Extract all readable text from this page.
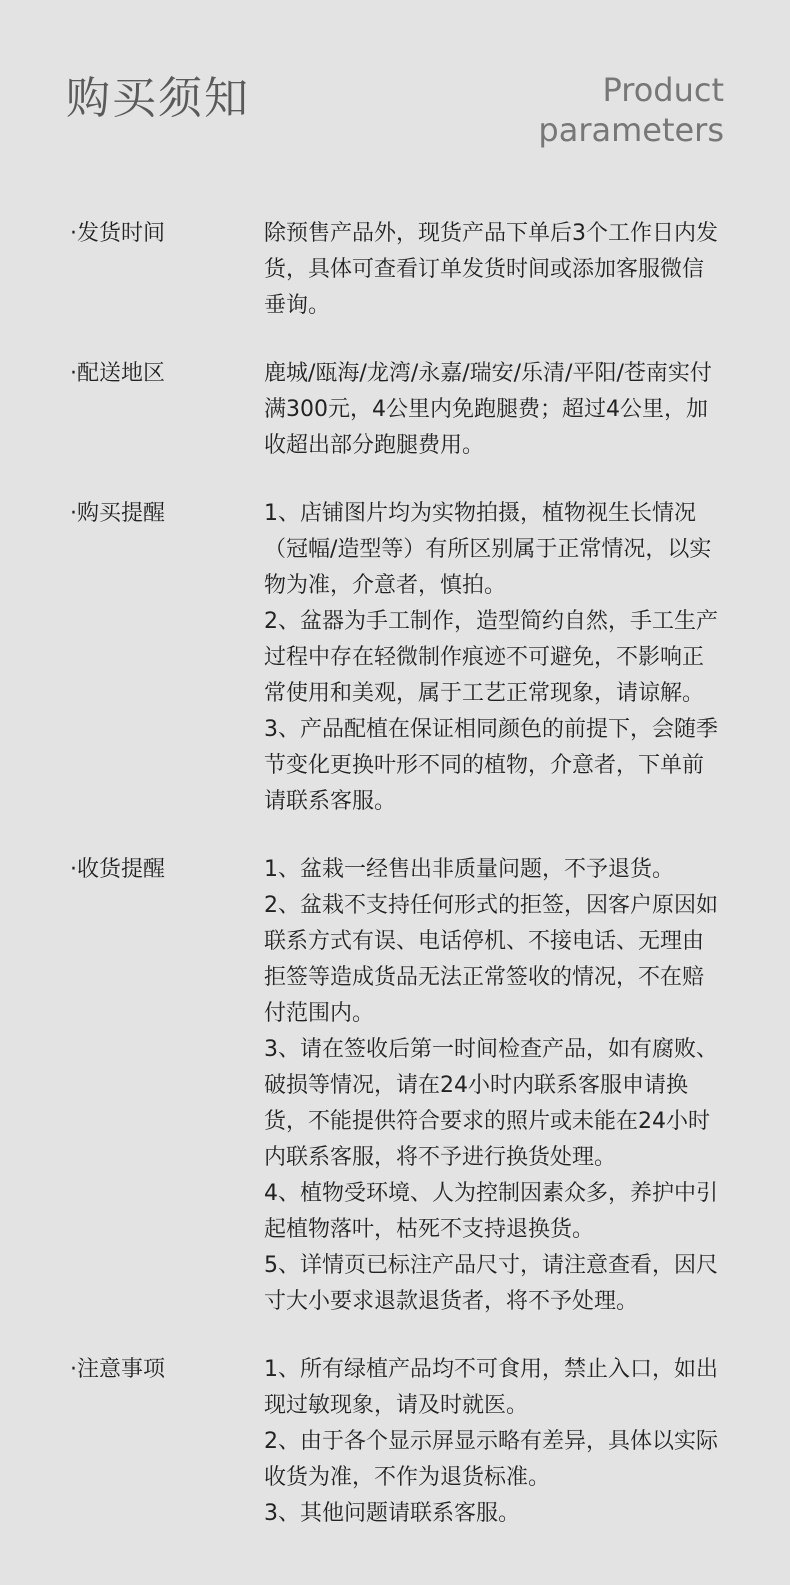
购买须知	Product
parameters
·发货时间	除预售产品外，现货产品下单后3个工作日内发货，具体可查看订单发货时间或添加客服微信垂询。
·配送地区	鹿城/瓯海/龙湾/永嘉/瑞安/乐清/平阳/苍南实付满300元，4公里内免跑腿费；超过4公里，加收超出部分跑腿费用。
·购买提醒	1、店铺图片均为实物拍摄，植物视生长情况（冠幅/造型等）有所区别属于正常情况，以实物为准，介意者，慎拍。
2、盆器为手工制作，造型简约自然，手工生产过程中存在轻微制作痕迹不可避免，不影响正常使用和美观，属于工艺正常现象，请谅解。
3、产品配植在保证相同颜色的前提下，会随季节变化更换叶形不同的植物，介意者，下单前请联系客服。
·收货提醒	1、盆栽一经售出非质量问题，不予退货。
2、盆栽不支持任何形式的拒签，因客户原因如联系方式有误、电话停机、不接电话、无理由拒签等造成货品无法正常签收的情况，不在赔付范围内。
3、请在签收后第一时间检查产品，如有腐败、破损等情况，请在24小时内联系客服申请换货，不能提供符合要求的照片或未能在24小时内联系客服，将不予进行换货处理。
4、植物受环境、人为控制因素众多，养护中引起植物落叶，枯死不支持退换货。
5、详情页已标注产品尺寸，请注意查看，因尺寸大小要求退款退货者，将不予处理。
·注意事项	1、所有绿植产品均不可食用，禁止入口，如出现过敏现象，请及时就医。
2、由于各个显示屏显示略有差异，具体以实际收货为准，不作为退货标准。
3、其他问题请联系客服。
